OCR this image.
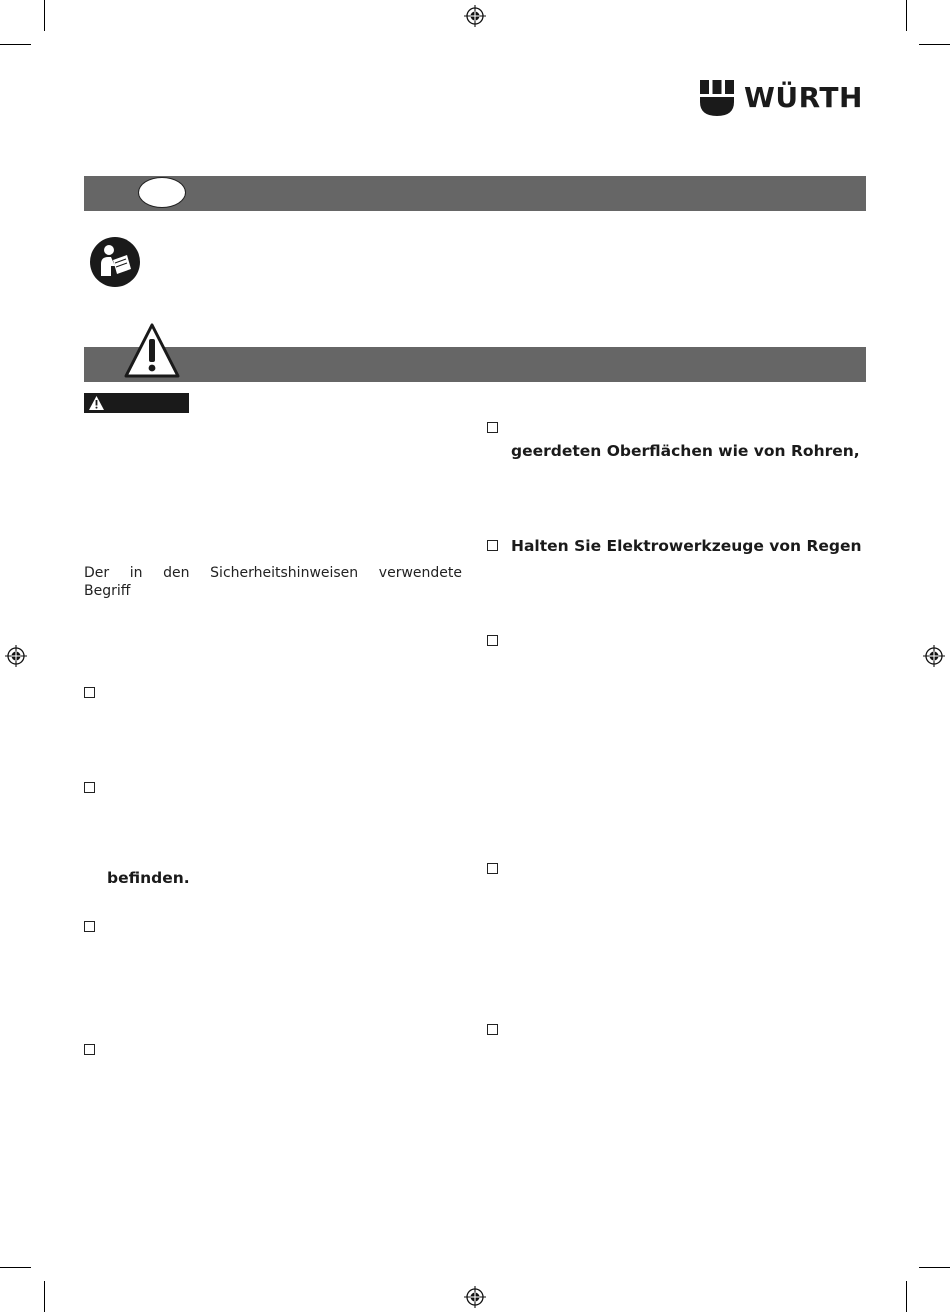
WÜRTH
Der in den Sicherheitshinweisen verwendete Begriff
befinden.
geerdeten Oberflächen wie von Rohren,
Halten Sie Elektrowerkzeuge von Regen
